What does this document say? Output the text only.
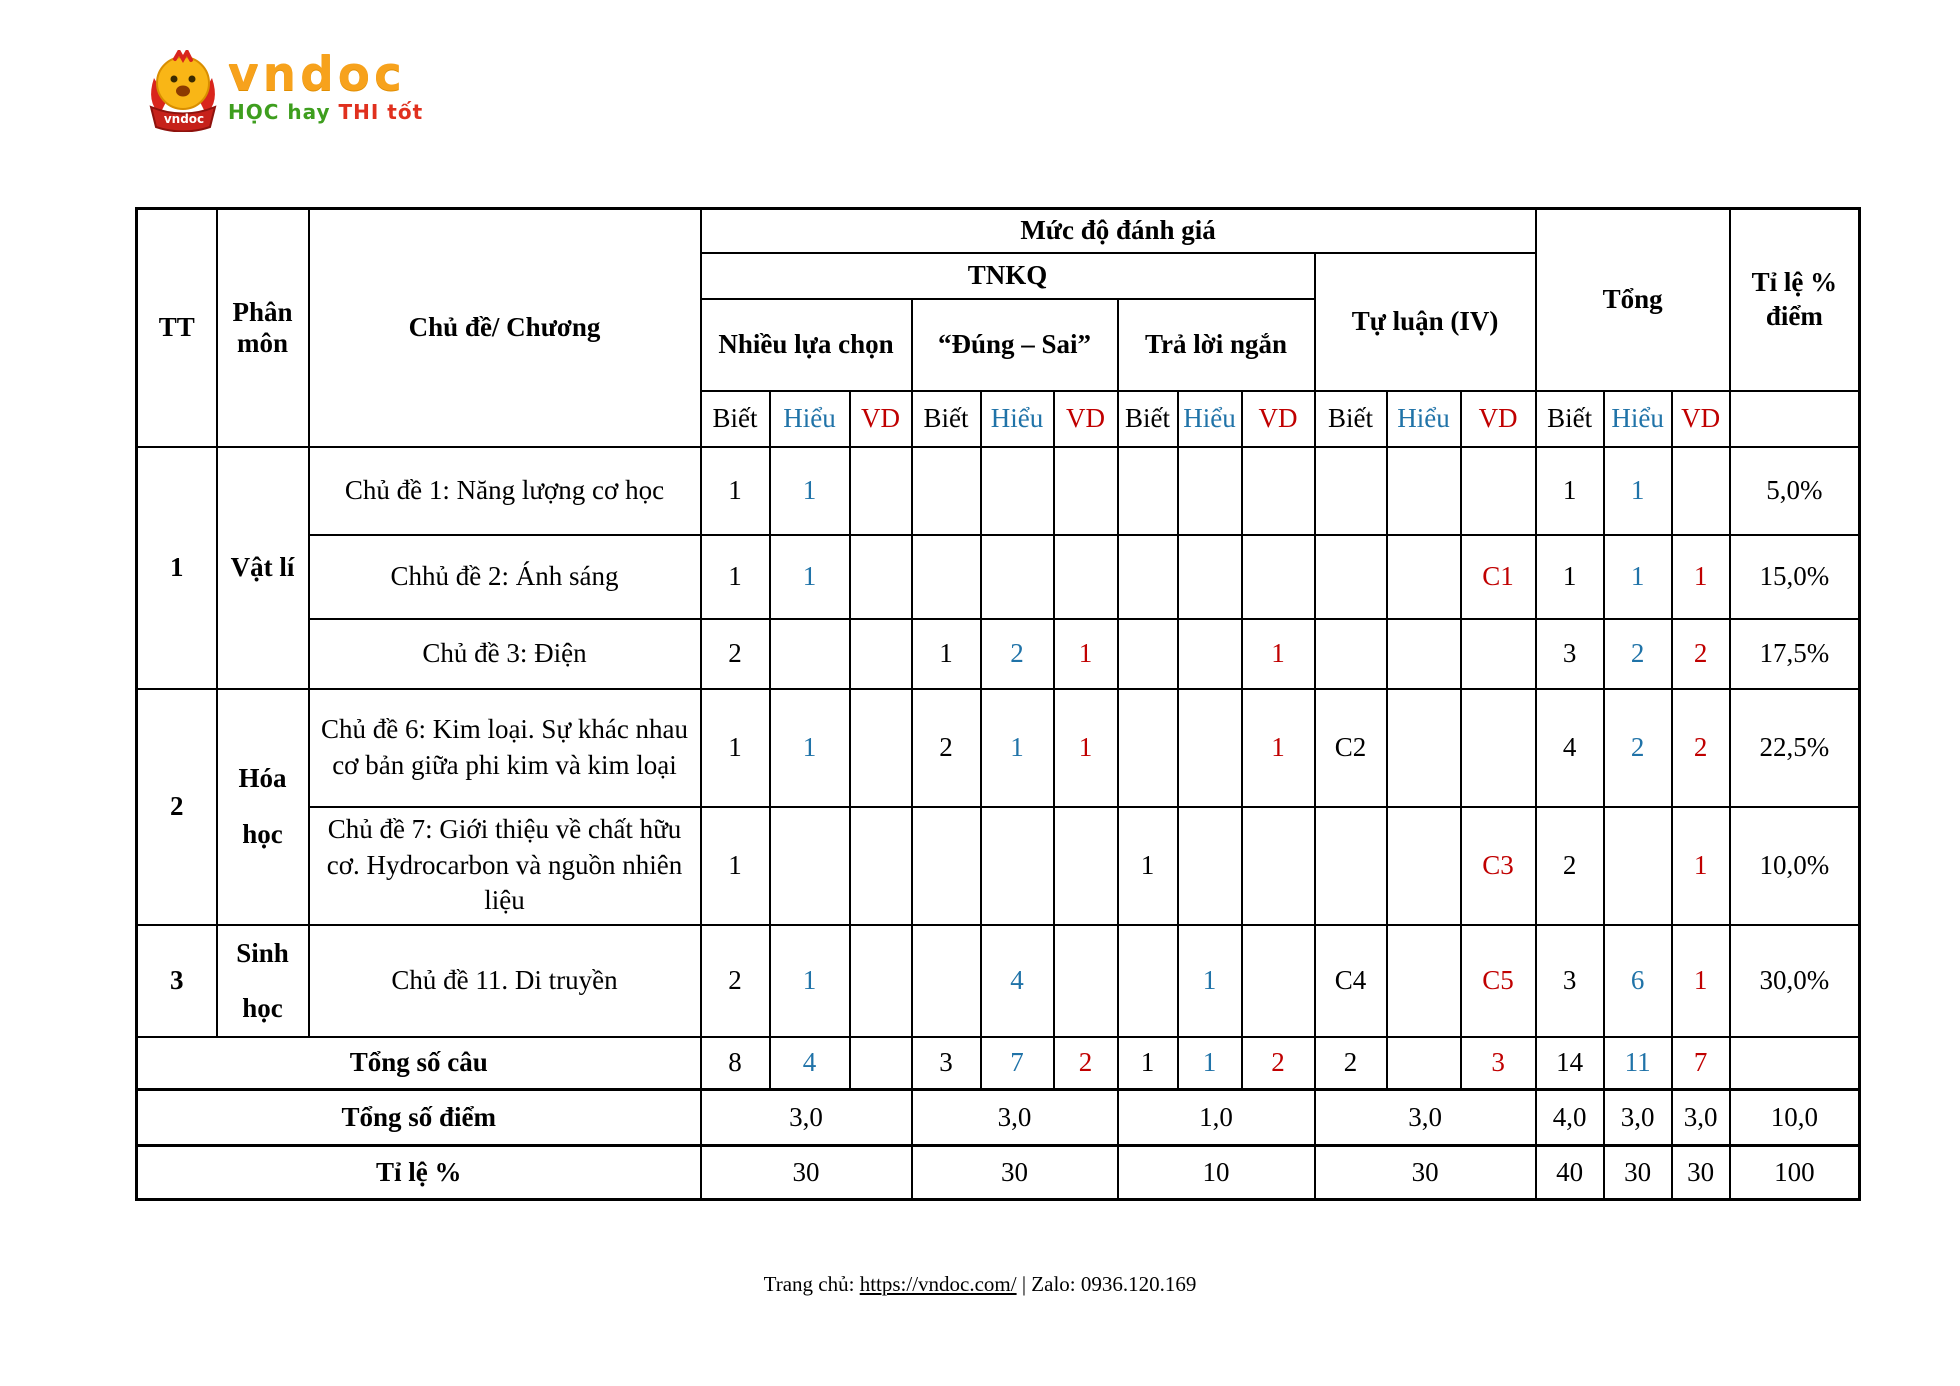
vndoc
vndoc
HỌC hay THI tốt
TT	Phân môn	Chủ đề/ Chương	Mức độ đánh giá												Tổng			Tỉ lệ % điểm
			TNKQ									Tự luận (IV)						
			Nhiều lựa chọn			“Đúng – Sai”			Trả lời ngắn									
			Biết	Hiểu	VD	Biết	Hiểu	VD	Biết	Hiểu	VD	Biết	Hiểu	VD	Biết	Hiểu	VD	
1	Vật lí	Chủ đề 1: Năng lượng cơ học	1	1											1	1		5,0%
		Chhủ đề 2: Ánh sáng	1	1										C1	1	1	1	15,0%
		Chủ đề 3: Điện	2			1	2	1			1				3	2	2	17,5%
2	Hóa học	Chủ đề 6: Kim loại. Sự khác nhau cơ bản giữa phi kim và kim loại	1	1		2	1	1			1	C2			4	2	2	22,5%
		Chủ đề 7: Giới thiệu về chất hữu cơ. Hydrocarbon và nguồn nhiên liệu	1						1					C3	2		1	10,0%
3	Sinh học	Chủ đề 11. Di truyền	2	1			4			1		C4		C5	3	6	1	30,0%
Tổng số câu			8	4		3	7	2	1	1	2	2		3	14	11	7	
Tổng số điểm			3,0			3,0			1,0			3,0			4,0	3,0	3,0	10,0
Tỉ lệ %			30			30			10			30			40	30	30	100
Trang chủ: https://vndoc.com/ | Zalo: 0936.120.169
